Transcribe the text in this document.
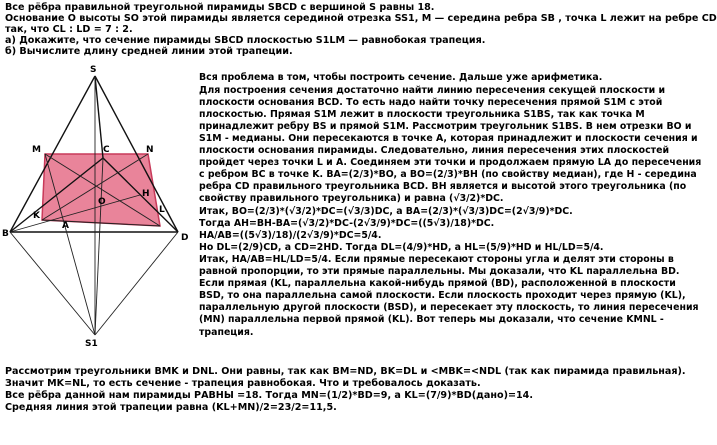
Все рёбра правильной треугольной пирамиды SBCD с вершиной S равны 18.
Основание O высоты SO этой пирамиды является серединой отрезка SS1, M — середина ребра SB , точка L лежит на ребре CD
так, что CL : LD = 7 : 2.
а) Докажите, что сечение пирамиды SBCD плоскостью S1LM — равнобокая трапеция.
б) Вычислите длину средней линии этой трапеции.
S
M	N
C
O
K
A
H
L
B	D
S1
Вся проблема в том, чтобы построить сечение. Дальше уже арифметика.
Для построения сечения достаточно найти линию пересечения секущей плоскости и
плоскости основания BCD. То есть надо найти точку пересечения прямой S1M с этой
плоскостью. Прямая S1M лежит в плоскости треугольника S1BS, так как точка M
принадлежит ребру BS и прямой S1M. Рассмотрим треугольник S1BS. В нем отрезки BO и
S1M - медианы. Они пересекаются в точке A, которая принадлежит и плоскости сечения и
плоскости основания пирамиды. Следовательно, линия пересечения этих плоскостей
пройдет через точки L и A. Соединяем эти точки и продолжаем прямую LA до пересечения
с ребром BC в точке K. BA=(2/3)*BO, a BO=(2/3)*BH (по свойству медиан), где H - середина
ребра CD правильного треугольника BCD. BH является и высотой этого треугольника (по
свойству правильного треугольника) и равна (√3/2)*DC.
Итак, BO=(2/3)*(√3/2)*DC=(√3/3)DC, а BA=(2/3)*(√3/3)DC=(2√3/9)*DC.
Тогда AH=BH-BA=(√3/2)*DC-(2√3/9)*DC=((5√3)/18)*DC.
HA/AB=((5√3)/18)/(2√3/9)*DC=5/4.
Но DL=(2/9)CD, a CD=2HD. Тогда DL=(4/9)*HD, a HL=(5/9)*HD и HL/LD=5/4.
Итак, HA/AB=HL/LD=5/4. Если прямые пересекают стороны угла и делят эти стороны в
равной пропорции, то эти прямые параллельны. Мы доказали, что KL параллельна BD.
Если прямая (KL, параллельна какой-нибудь прямой (BD), расположенной в плоскости
BSD, то она параллельна самой плоскости. Если плоскость проходит через прямую (KL),
параллельную другой плоскости (BSD), и пересекает эту плоскость, то линия пересечения
(MN) параллельна первой прямой (KL). Вот теперь мы доказали, что сечение KMNL -
трапеция.
Рассмотрим треугольники BMK и DNL. Они равны, так как BM=ND, BK=DL и <MBK=<NDL (так как пирамида правильная).
Значит MK=NL, то есть сечение - трапеция равнобокая. Что и требовалось доказать.
Все рёбра данной нам пирамиды РАВНЫ =18. Тогда MN=(1/2)*BD=9, а KL=(7/9)*BD(дано)=14.
Средняя линия этой трапеции равна (KL+MN)/2=23/2=11,5.
